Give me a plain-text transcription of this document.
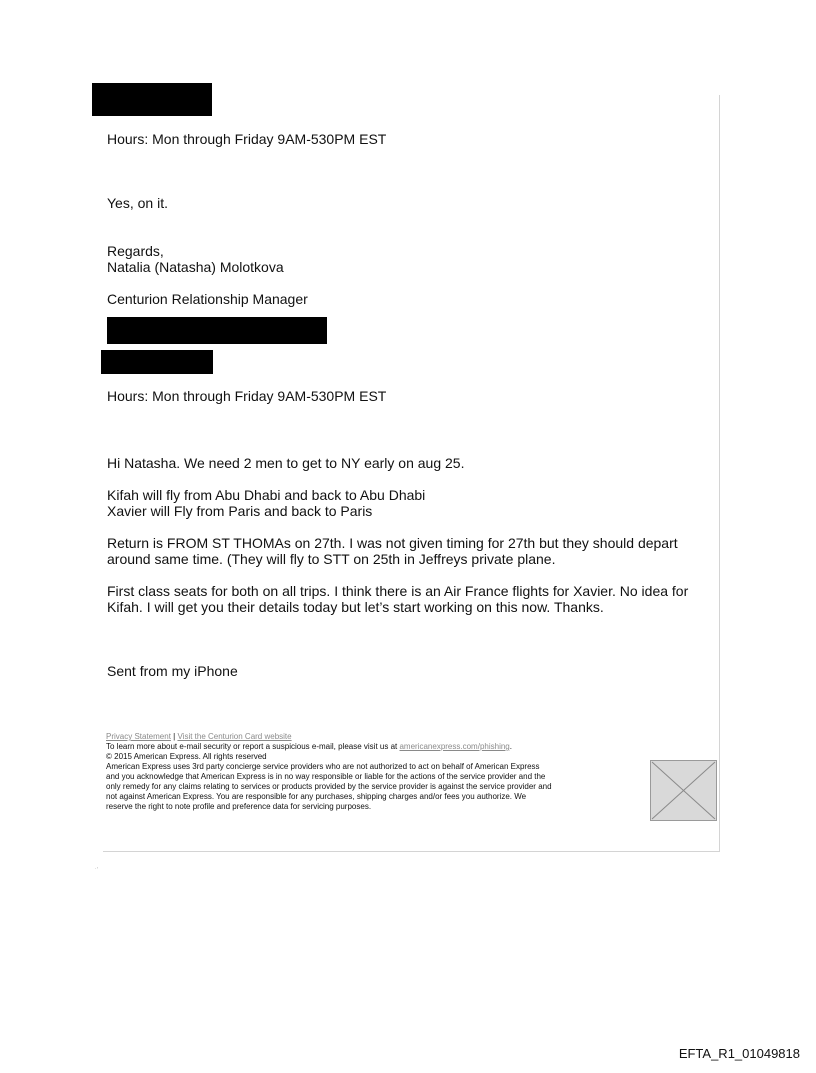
Hours: Mon through Friday 9AM-530PM EST
Yes, on it.
Regards,
Natalia (Natasha) Molotkova
Centurion Relationship Manager
Hours: Mon through Friday 9AM-530PM EST
Hi Natasha. We need 2 men to get to NY early on aug 25.
Kifah will fly from Abu Dhabi and back to Abu Dhabi
Xavier will Fly from Paris and back to Paris
Return is FROM ST THOMAs on 27th. I was not given timing for 27th but they should depart
around same time. (They will fly to STT on 25th in Jeffreys private plane.
First class seats for both on all trips. I think there is an Air France flights for Xavier. No idea for
Kifah. I will get you their details today but let’s start working on this now. Thanks.
Sent from my iPhone
Privacy Statement | Visit the Centurion Card website
To learn more about e-mail security or report a suspicious e-mail, please visit us at americanexpress.com/phishing.
© 2015 American Express. All rights reserved
American Express uses 3rd party concierge service providers who are not authorized to act on behalf of American Express
and you acknowledge that American Express is in no way responsible or liable for the actions of the service provider and the
only remedy for any claims relating to services or products provided by the service provider is against the service provider and
not against American Express. You are responsible for any purchases, shipping charges and/or fees you authorize. We
reserve the right to note profile and preference data for servicing purposes.
⋅ ⁃
EFTA_R1_01049818
